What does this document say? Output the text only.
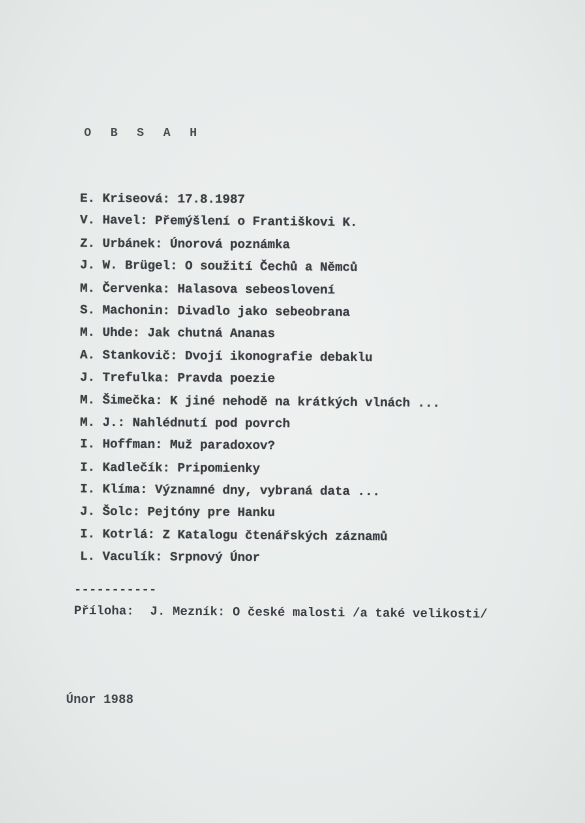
O B S A H
E. Kriseová: 17.8.1987
V. Havel: Přemýšlení o Františkovi K.
Z. Urbánek: Únorová poznámka
J. W. Brügel: O soužití Čechů a Němců
M. Červenka: Halasova sebeoslovení
S. Machonin: Divadlo jako sebeobrana
M. Uhde: Jak chutná Ananas
A. Stankovič: Dvojí ikonografie debaklu
J. Trefulka: Pravda poezie
M. Šimečka: K jiné nehodě na krátkých vlnách ...
M. J.: Nahlédnutí pod povrch
I. Hoffman: Muž paradoxov?
I. Kadlečík: Pripomienky
I. Klíma: Významné dny, vybraná data ...
J. Šolc: Pejtóny pre Hanku
I. Kotrlá: Z Katalogu čtenářských záznamů
L. Vaculík: Srpnový Únor
-----------
Příloha: J. Mezník: O české malosti /a také velikosti/
Únor 1988
